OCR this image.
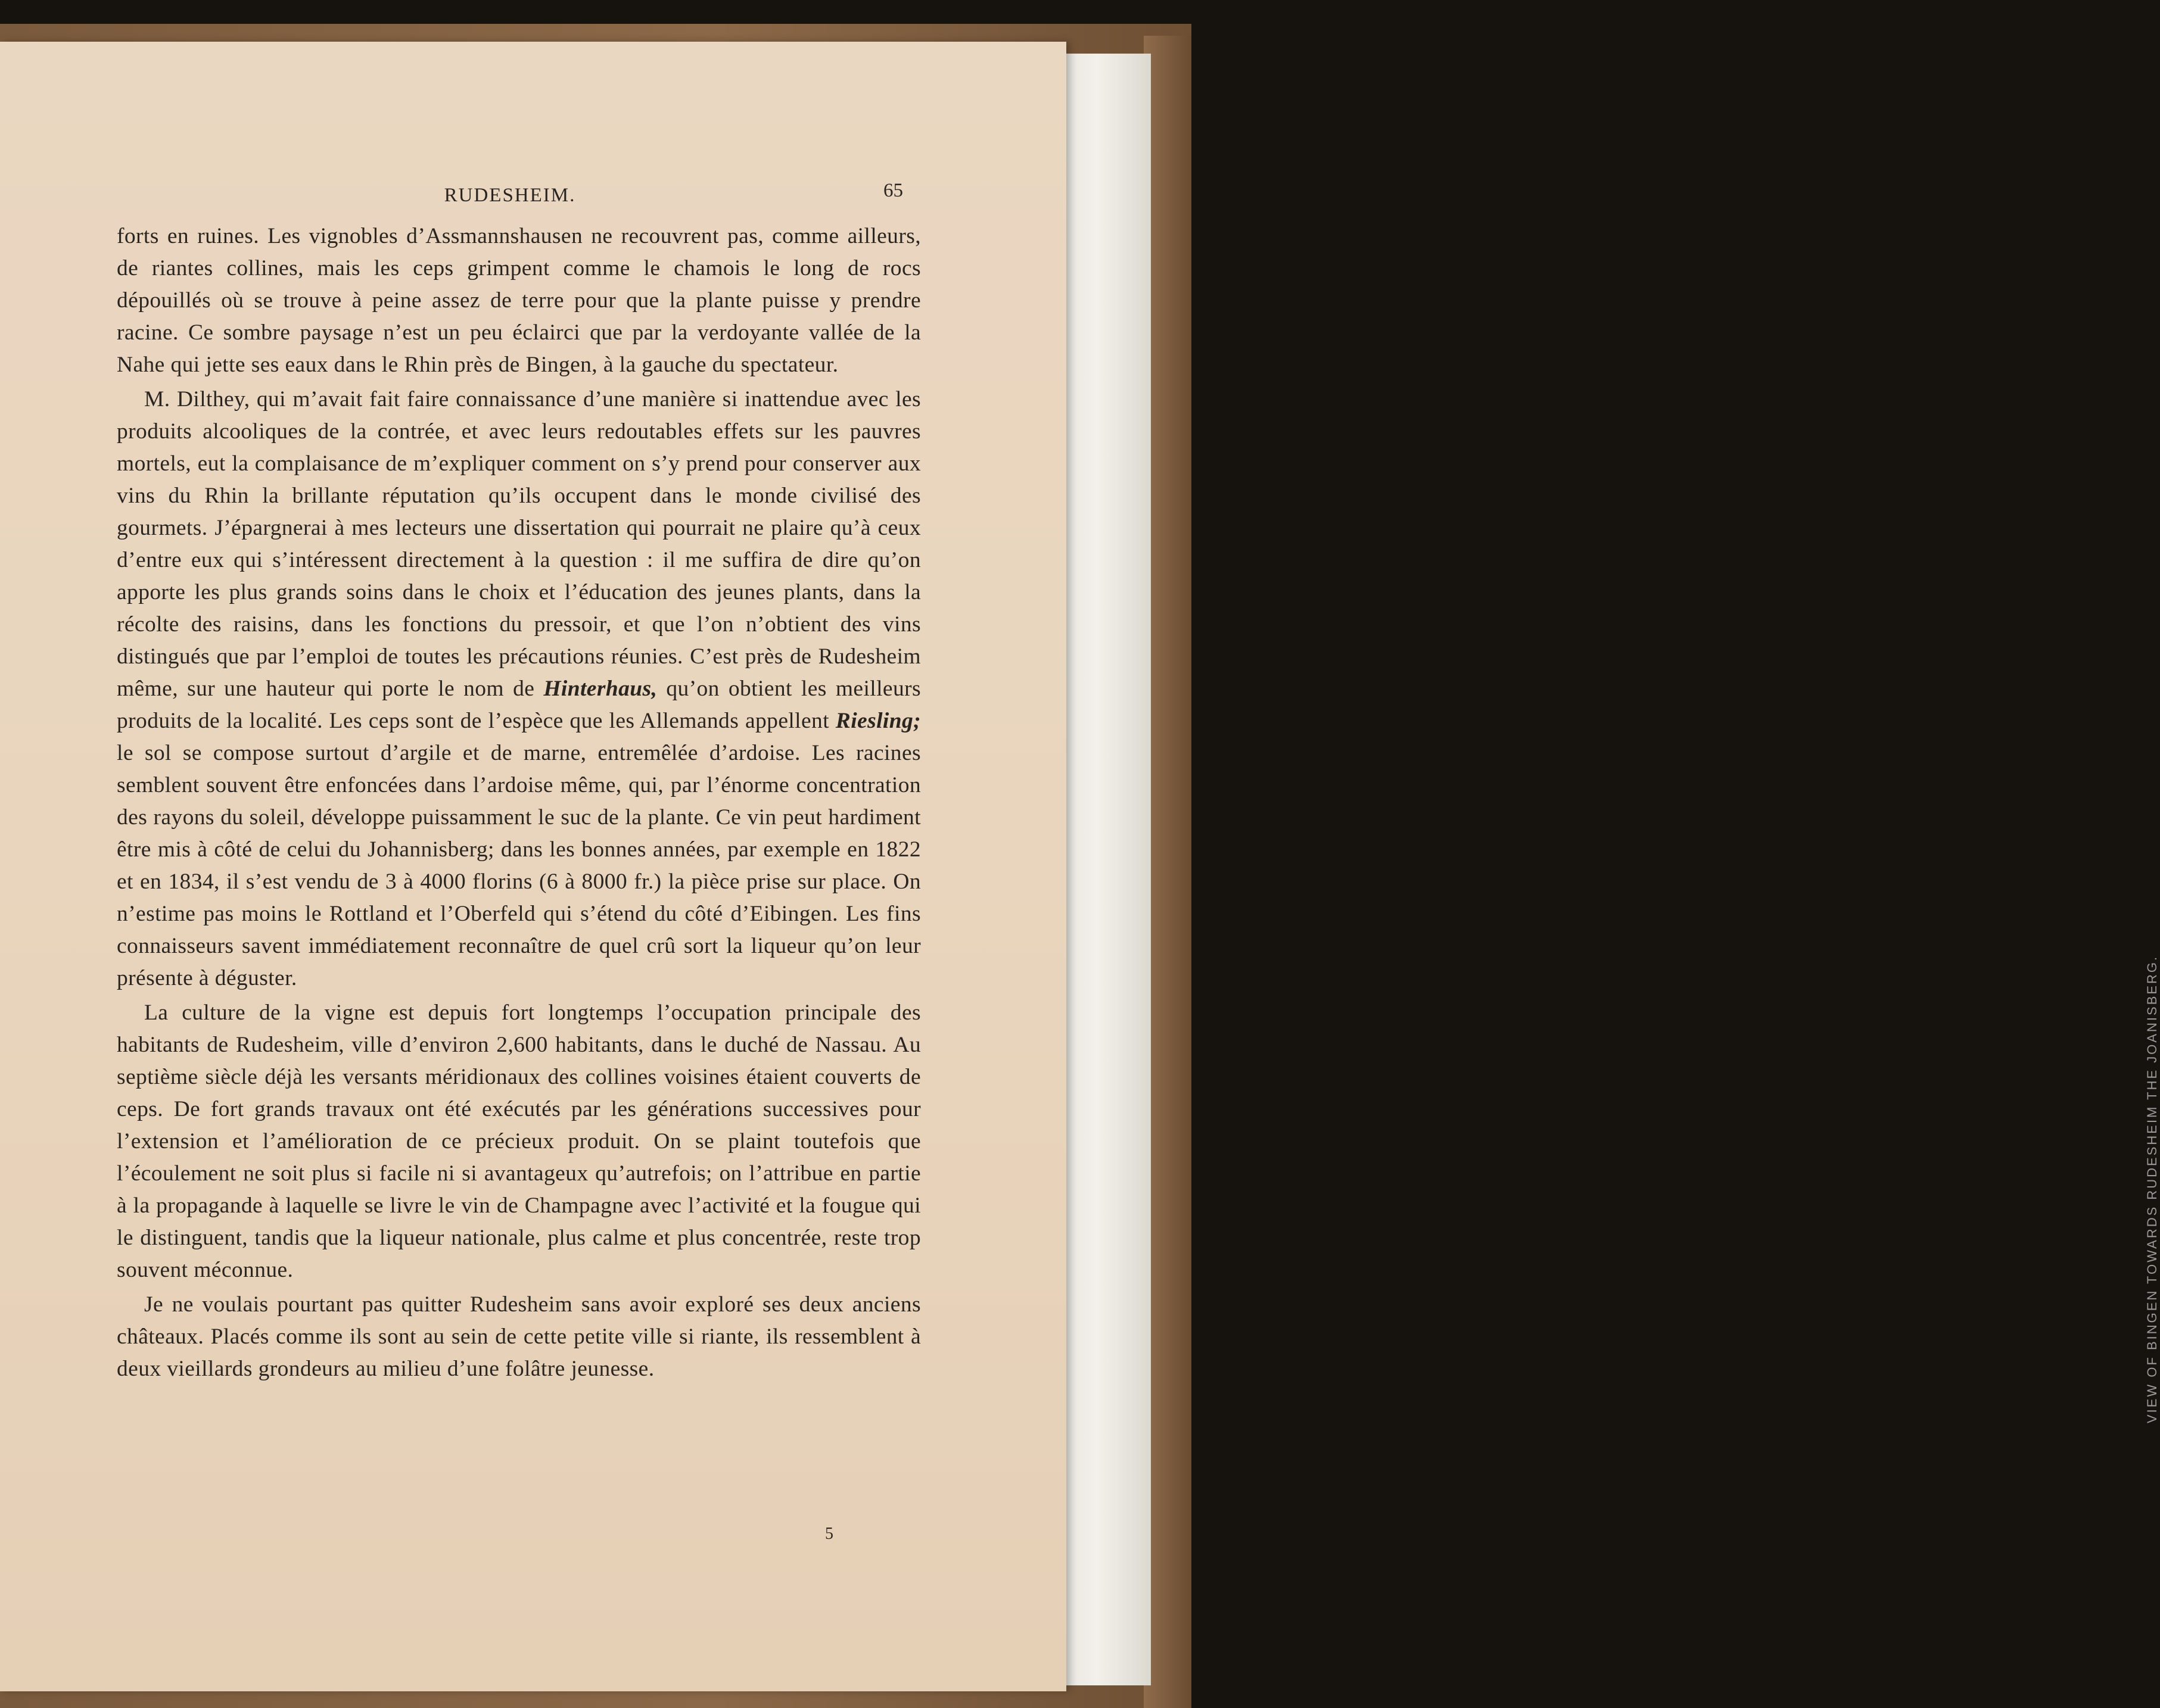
VIEW OF BINGEN TOWARDS RUDESHEIM THE JOANISBERG.
RUDESHEIM.	65

forts en ruines. Les vignobles d’Assmannshausen ne recouvrent pas, comme ailleurs, de riantes collines, mais les ceps grimpent comme le chamois le long de rocs dépouillés où se trouve à peine assez de terre pour que la plante puisse y prendre racine. Ce sombre paysage n’est un peu éclairci que par la verdoyante vallée de la Nahe qui jette ses eaux dans le Rhin près de Bingen, à la gauche du spectateur.

M. Dilthey, qui m’avait fait faire connaissance d’une manière si inattendue avec les produits alcooliques de la contrée, et avec leurs redoutables effets sur les pauvres mortels, eut la complaisance de m’expliquer comment on s’y prend pour conserver aux vins du Rhin la brillante réputation qu’ils occupent dans le monde civilisé des gourmets. J’épargnerai à mes lecteurs une dissertation qui pourrait ne plaire qu’à ceux d’entre eux qui s’intéressent directement à la question : il me suffira de dire qu’on apporte les plus grands soins dans le choix et l’éducation des jeunes plants, dans la récolte des raisins, dans les fonctions du pressoir, et que l’on n’obtient des vins distingués que par l’emploi de toutes les précautions réunies. C’est près de Rudesheim même, sur une hauteur qui porte le nom de Hinterhaus, qu’on obtient les meilleurs produits de la localité. Les ceps sont de l’espèce que les Allemands appellent Riesling; le sol se compose surtout d’argile et de marne, entremêlée d’ardoise. Les racines semblent souvent être enfoncées dans l’ardoise même, qui, par l’énorme concentration des rayons du soleil, développe puissamment le suc de la plante. Ce vin peut hardiment être mis à côté de celui du Johannisberg; dans les bonnes années, par exemple en 1822 et en 1834, il s’est vendu de 3 à 4000 florins (6 à 8000 fr.) la pièce prise sur place. On n’estime pas moins le Rottland et l’Oberfeld qui s’étend du côté d’Eibingen. Les fins connaisseurs savent immédiatement reconnaître de quel crû sort la liqueur qu’on leur présente à déguster.

La culture de la vigne est depuis fort longtemps l’occupation principale des habitants de Rudesheim, ville d’environ 2,600 habitants, dans le duché de Nassau. Au septième siècle déjà les versants méridionaux des collines voisines étaient couverts de ceps. De fort grands travaux ont été exécutés par les générations successives pour l’extension et l’amélioration de ce précieux produit. On se plaint toutefois que l’écoulement ne soit plus si facile ni si avantageux qu’autrefois; on l’attribue en partie à la propagande à laquelle se livre le vin de Champagne avec l’activité et la fougue qui le distinguent, tandis que la liqueur nationale, plus calme et plus concentrée, reste trop souvent méconnue.

Je ne voulais pourtant pas quitter Rudesheim sans avoir exploré ses deux anciens châteaux. Placés comme ils sont au sein de cette petite ville si riante, ils ressemblent à deux vieillards grondeurs au milieu d’une folâtre jeunesse.

5
